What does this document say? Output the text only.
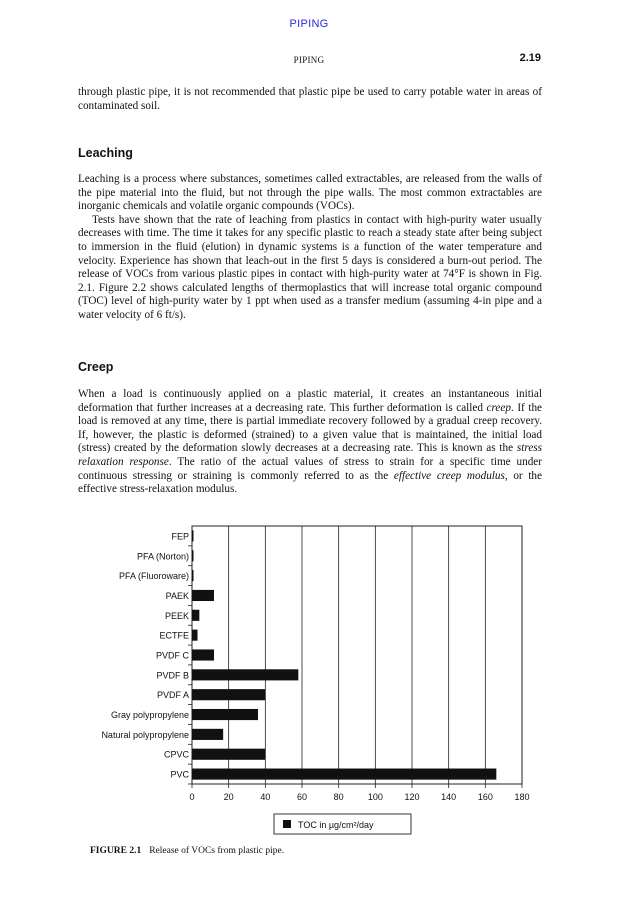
PIPING
PIPING	2.19

through plastic pipe, it is not recommended that plastic pipe be used to carry potable water in areas of contaminated soil.

Leaching

Leaching is a process where substances, sometimes called extractables, are released from the walls of the pipe material into the fluid, but not through the pipe walls. The most common extractables are inorganic chemicals and volatile organic compounds (VOCs).

Tests have shown that the rate of leaching from plastics in contact with high-purity water usually decreases with time. The time it takes for any specific plastic to reach a steady state after being subject to immersion in the fluid (elution) in dynamic systems is a function of the water temperature and velocity. Experience has shown that leach-out in the first 5 days is considered a burn-out period. The release of VOCs from various plastic pipes in contact with high-purity water at 74°F is shown in Fig. 2.1. Figure 2.2 shows calculated lengths of thermoplastics that will increase total organic compound (TOC) level of high-purity water by 1 ppt when used as a transfer medium (assuming 4-in pipe and a water velocity of 6 ft/s).

Creep

When a load is continuously applied on a plastic material, it creates an instantaneous initial deformation that further increases at a decreasing rate. This further deformation is called creep. If the load is removed at any time, there is partial immediate recovery followed by a gradual creep recovery. If, however, the plastic is deformed (strained) to a given value that is maintained, the initial load (stress) created by the deformation slowly decreases at a decreasing rate. This is known as the stress relaxation response. The ratio of the actual values of stress to strain for a specific time under continuous stressing or straining is commonly referred to as the effective creep modulus, or the effective stress-relaxation modulus.

0	20	40	60	80	100 120 140 160 180
FEP
PFA (Norton)
PFA (Fluoroware)
PAEK
PEEK
ECTFE
PVDF C
PVDF B
PVDF A
Gray polypropylene
Natural polypropylene
CPVC
PVC
TOC in µg/cm²/day
FIGURE 2.1 Release of VOCs from plastic pipe.
